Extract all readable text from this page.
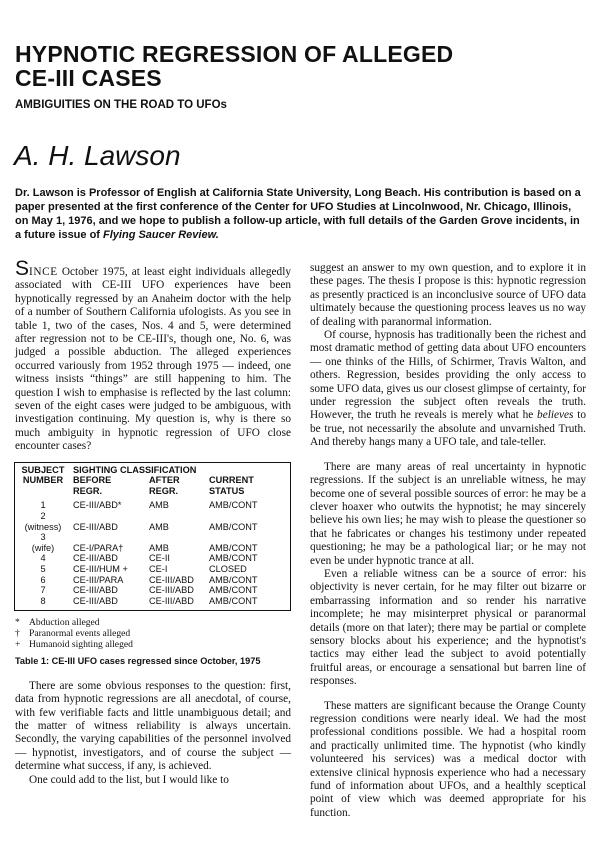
HYPNOTIC REGRESSION OF ALLEGED
CE-III CASES
AMBIGUITIES ON THE ROAD TO UFOs
A. H. Lawson
Dr. Lawson is Professor of English at California State University, Long Beach. His contribution is based on a paper presented at the first conference of the Center for UFO Studies at Lincolnwood, Nr. Chicago, Illinois, on May 1, 1976, and we hope to publish a follow-up article, with full details of the Garden Grove incidents, in a future issue of Flying Saucer Review.

SINCE October 1975, at least eight individuals allegedly associated with CE-III UFO experiences have been hypnotically regressed by an Anaheim doctor with the help of a number of Southern California ufologists. As you see in table 1, two of the cases, Nos. 4 and 5, were determined after regression not to be CE-III's, though one, No. 6, was judged a possible abduction. The alleged experiences occurred variously from 1952 through 1975 — indeed, one witness insists “things” are still happening to him. The question I wish to emphasise is reflected by the last column: seven of the eight cases were judged to be ambiguous, with investigation continuing. My question is, why is there so much ambiguity in hypnotic regression of UFO close encounter cases?

SUBJECT SIGHTING CLASSIFICATION
NUMBER	BEFORE	AFTER	CURRENT
REGR.	REGR.	STATUS
1	CE-III/ABD*	AMB	AMB/CONT
2
(witness)	CE-III/ABD	AMB	AMB/CONT
3
(wife)	CE-I/PARA†	AMB	AMB/CONT
4	CE-III/ABD	CE-II	AMB/CONT
5	CE-III/HUM +	CE-I	CLOSED
6	CE-III/PARA	CE-III/ABD	AMB/CONT
7	CE-III/ABD	CE-III/ABD	AMB/CONT
8	CE-III/ABD	CE-III/ABD	AMB/CONT
* Abduction alleged
† Paranormal events alleged
+ Humanoid sighting alleged
Table 1: CE-III UFO cases regressed since October, 1975

There are some obvious responses to the question: first, data from hypnotic regressions are all anecdotal, of course, with few verifiable facts and little unambiguous detail; and the matter of witness reliability is always uncertain. Secondly, the varying capabilities of the personnel involved — hypnotist, investigators, and of course the subject — determine what success, if any, is achieved.

One could add to the list, but I would like to

suggest an answer to my own question, and to explore it in these pages. The thesis I propose is this: hypnotic regression as presently practiced is an inconclusive source of UFO data ultimately because the questioning process leaves us no way of dealing with paranormal information.

Of course, hypnosis has traditionally been the richest and most dramatic method of getting data about UFO encounters — one thinks of the Hills, of Schirmer, Travis Walton, and others. Regression, besides providing the only access to some UFO data, gives us our closest glimpse of certainty, for under regression the subject often reveals the truth. However, the truth he reveals is merely what he believes to be true, not necessarily the absolute and unvarnished Truth. And thereby hangs many a UFO tale, and tale-teller.

There are many areas of real uncertainty in hypnotic regressions. If the subject is an unreliable witness, he may become one of several possible sources of error: he may be a clever hoaxer who outwits the hypnotist; he may sincerely believe his own lies; he may wish to please the questioner so that he fabricates or changes his testimony under repeated questioning; he may be a pathological liar; or he may not even be under hypnotic trance at all.

Even a reliable witness can be a source of error: his objectivity is never certain, for he may filter out bizarre or embarrassing information and so render his narrative incomplete; he may misinterpret physical or paranormal details (more on that later); there may be partial or complete sensory blocks about his experience; and the hypnotist's tactics may either lead the subject to avoid potentially fruitful areas, or encourage a sensational but barren line of responses.

These matters are significant because the Orange County regression conditions were nearly ideal. We had the most professional conditions possible. We had a hospital room and practically unlimited time. The hypnotist (who kindly volunteered his services) was a medical doctor with extensive clinical hypnosis experience who had a necessary fund of information about UFOs, and a healthly sceptical point of view which was deemed appropriate for his function.
